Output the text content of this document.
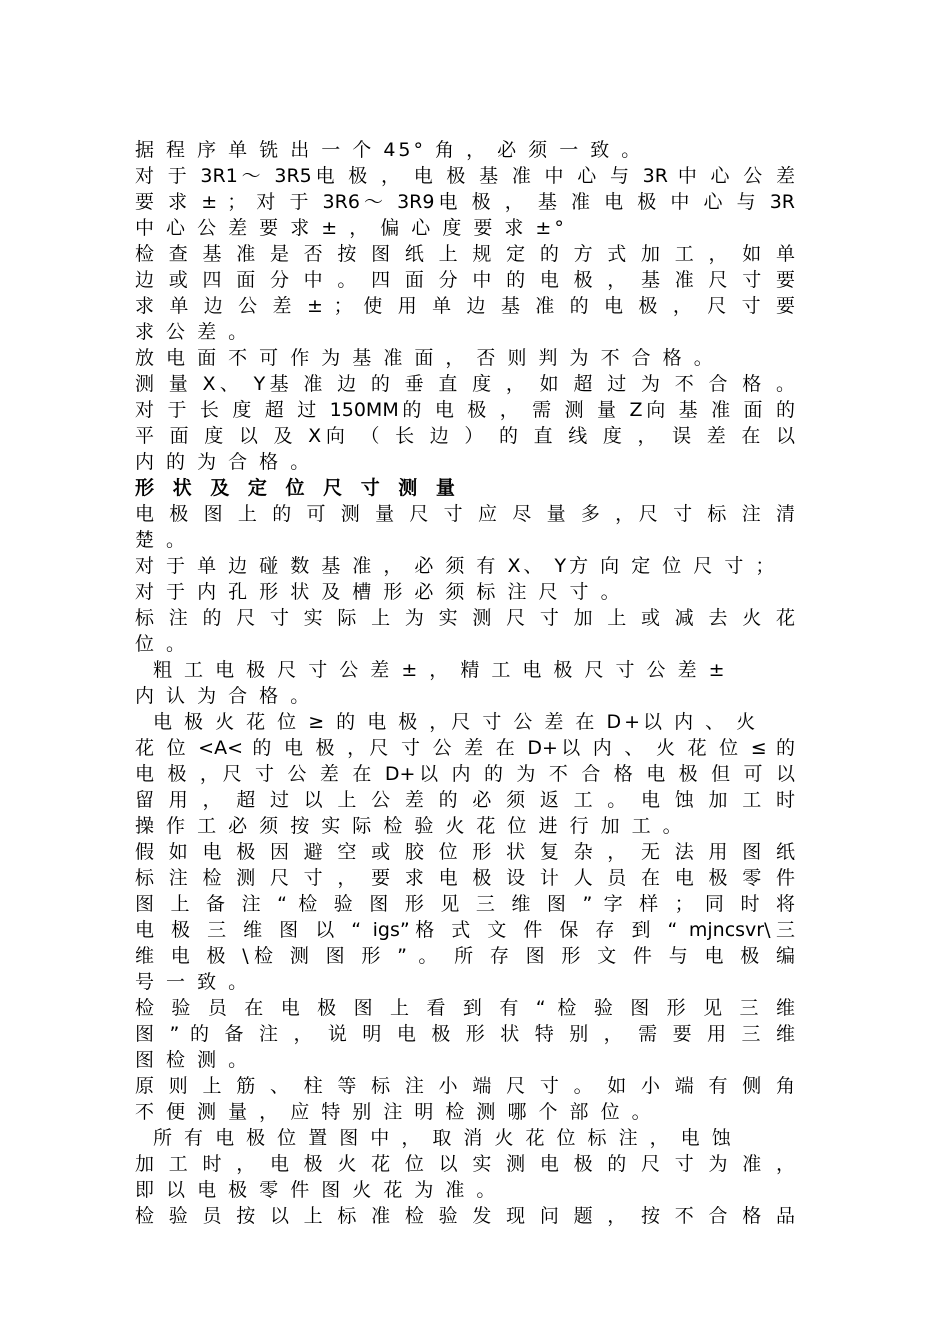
据 程 序 单 铣 出 一 个 45° 角 ， 必 须 一 致 。
对 于 3R1～ 3R5电 极 ， 电 极 基 准 中 心 与 3R 中 心 公 差
要 求 ± ； 对 于 3R6～ 3R9电 极 ， 基 准 电 极 中 心 与 3R
中 心 公 差 要 求 ± ， 偏 心 度 要 求 ±°
检 查 基 准 是 否 按 图 纸 上 规 定 的 方 式 加 工 ， 如 单
边 或 四 面 分 中 。 四 面 分 中 的 电 极 ， 基 准 尺 寸 要
求 单 边 公 差 ± ； 使 用 单 边 基 准 的 电 极 ， 尺 寸 要
求 公 差 。
放 电 面 不 可 作 为 基 准 面 ， 否 则 判 为 不 合 格 。
测 量 X、 Y基 准 边 的 垂 直 度 ， 如 超 过 为 不 合 格 。
对 于 长 度 超 过 150MM的 电 极 ， 需 测 量 Z向 基 准 面 的
平 面 度 以 及 X向 （ 长 边 ） 的 直 线 度 ， 误 差 在 以
内 的 为 合 格 。
形 状 及 定 位 尺 寸 测 量
电 极 图 上 的 可 测 量 尺 寸 应 尽 量 多 ，尺 寸 标 注 清
楚 。
对 于 单 边 碰 数 基 准 ， 必 须 有 X、 Y方 向 定 位 尺 寸 ；
对 于 内 孔 形 状 及 槽 形 必 须 标 注 尺 寸 。
标 注 的 尺 寸 实 际 上 为 实 测 尺 寸 加 上 或 减 去 火 花
位 。
粗 工 电 极 尺 寸 公 差 ± ， 精 工 电 极 尺 寸 公 差 ±
内 认 为 合 格 。
电 极 火 花 位 ≥ 的 电 极 ，尺 寸 公 差 在 D+以 内 、 火
花 位 <A< 的 电 极 ，尺 寸 公 差 在 D+以 内 、 火 花 位 ≤ 的
电 极 ，尺 寸 公 差 在 D+以 内 的 为 不 合 格 电 极 但 可 以
留 用 ， 超 过 以 上 公 差 的 必 须 返 工 。 电 蚀 加 工 时
操 作 工 必 须 按 实 际 检 验 火 花 位 进 行 加 工 。
假 如 电 极 因 避 空 或 胶 位 形 状 复 杂 ， 无 法 用 图 纸
标 注 检 测 尺 寸 ， 要 求 电 极 设 计 人 员 在 电 极 零 件
图 上 备 注 “ 检 验 图 形 见 三 维 图 ” 字 样 ； 同 时 将
电 极 三 维 图 以 “ igs”格 式 文 件 保 存 到 “ mjncsvr\三
维 电 极 \检 测 图 形 ” 。 所 存 图 形 文 件 与 电 极 编
号 一 致 。
检 验 员 在 电 极 图 上 看 到 有 “ 检 验 图 形 见 三 维
图 ” 的 备 注 ， 说 明 电 极 形 状 特 别 ， 需 要 用 三 维
图 检 测 。
原 则 上 筋 、 柱 等 标 注 小 端 尺 寸 。 如 小 端 有 侧 角
不 便 测 量 ， 应 特 别 注 明 检 测 哪 个 部 位 。
所 有 电 极 位 置 图 中 ， 取 消 火 花 位 标 注 ， 电 蚀
加 工 时 ， 电 极 火 花 位 以 实 测 电 极 的 尺 寸 为 准 ，
即 以 电 极 零 件 图 火 花 为 准 。
检 验 员 按 以 上 标 准 检 验 发 现 问 题 ， 按 不 合 格 品
